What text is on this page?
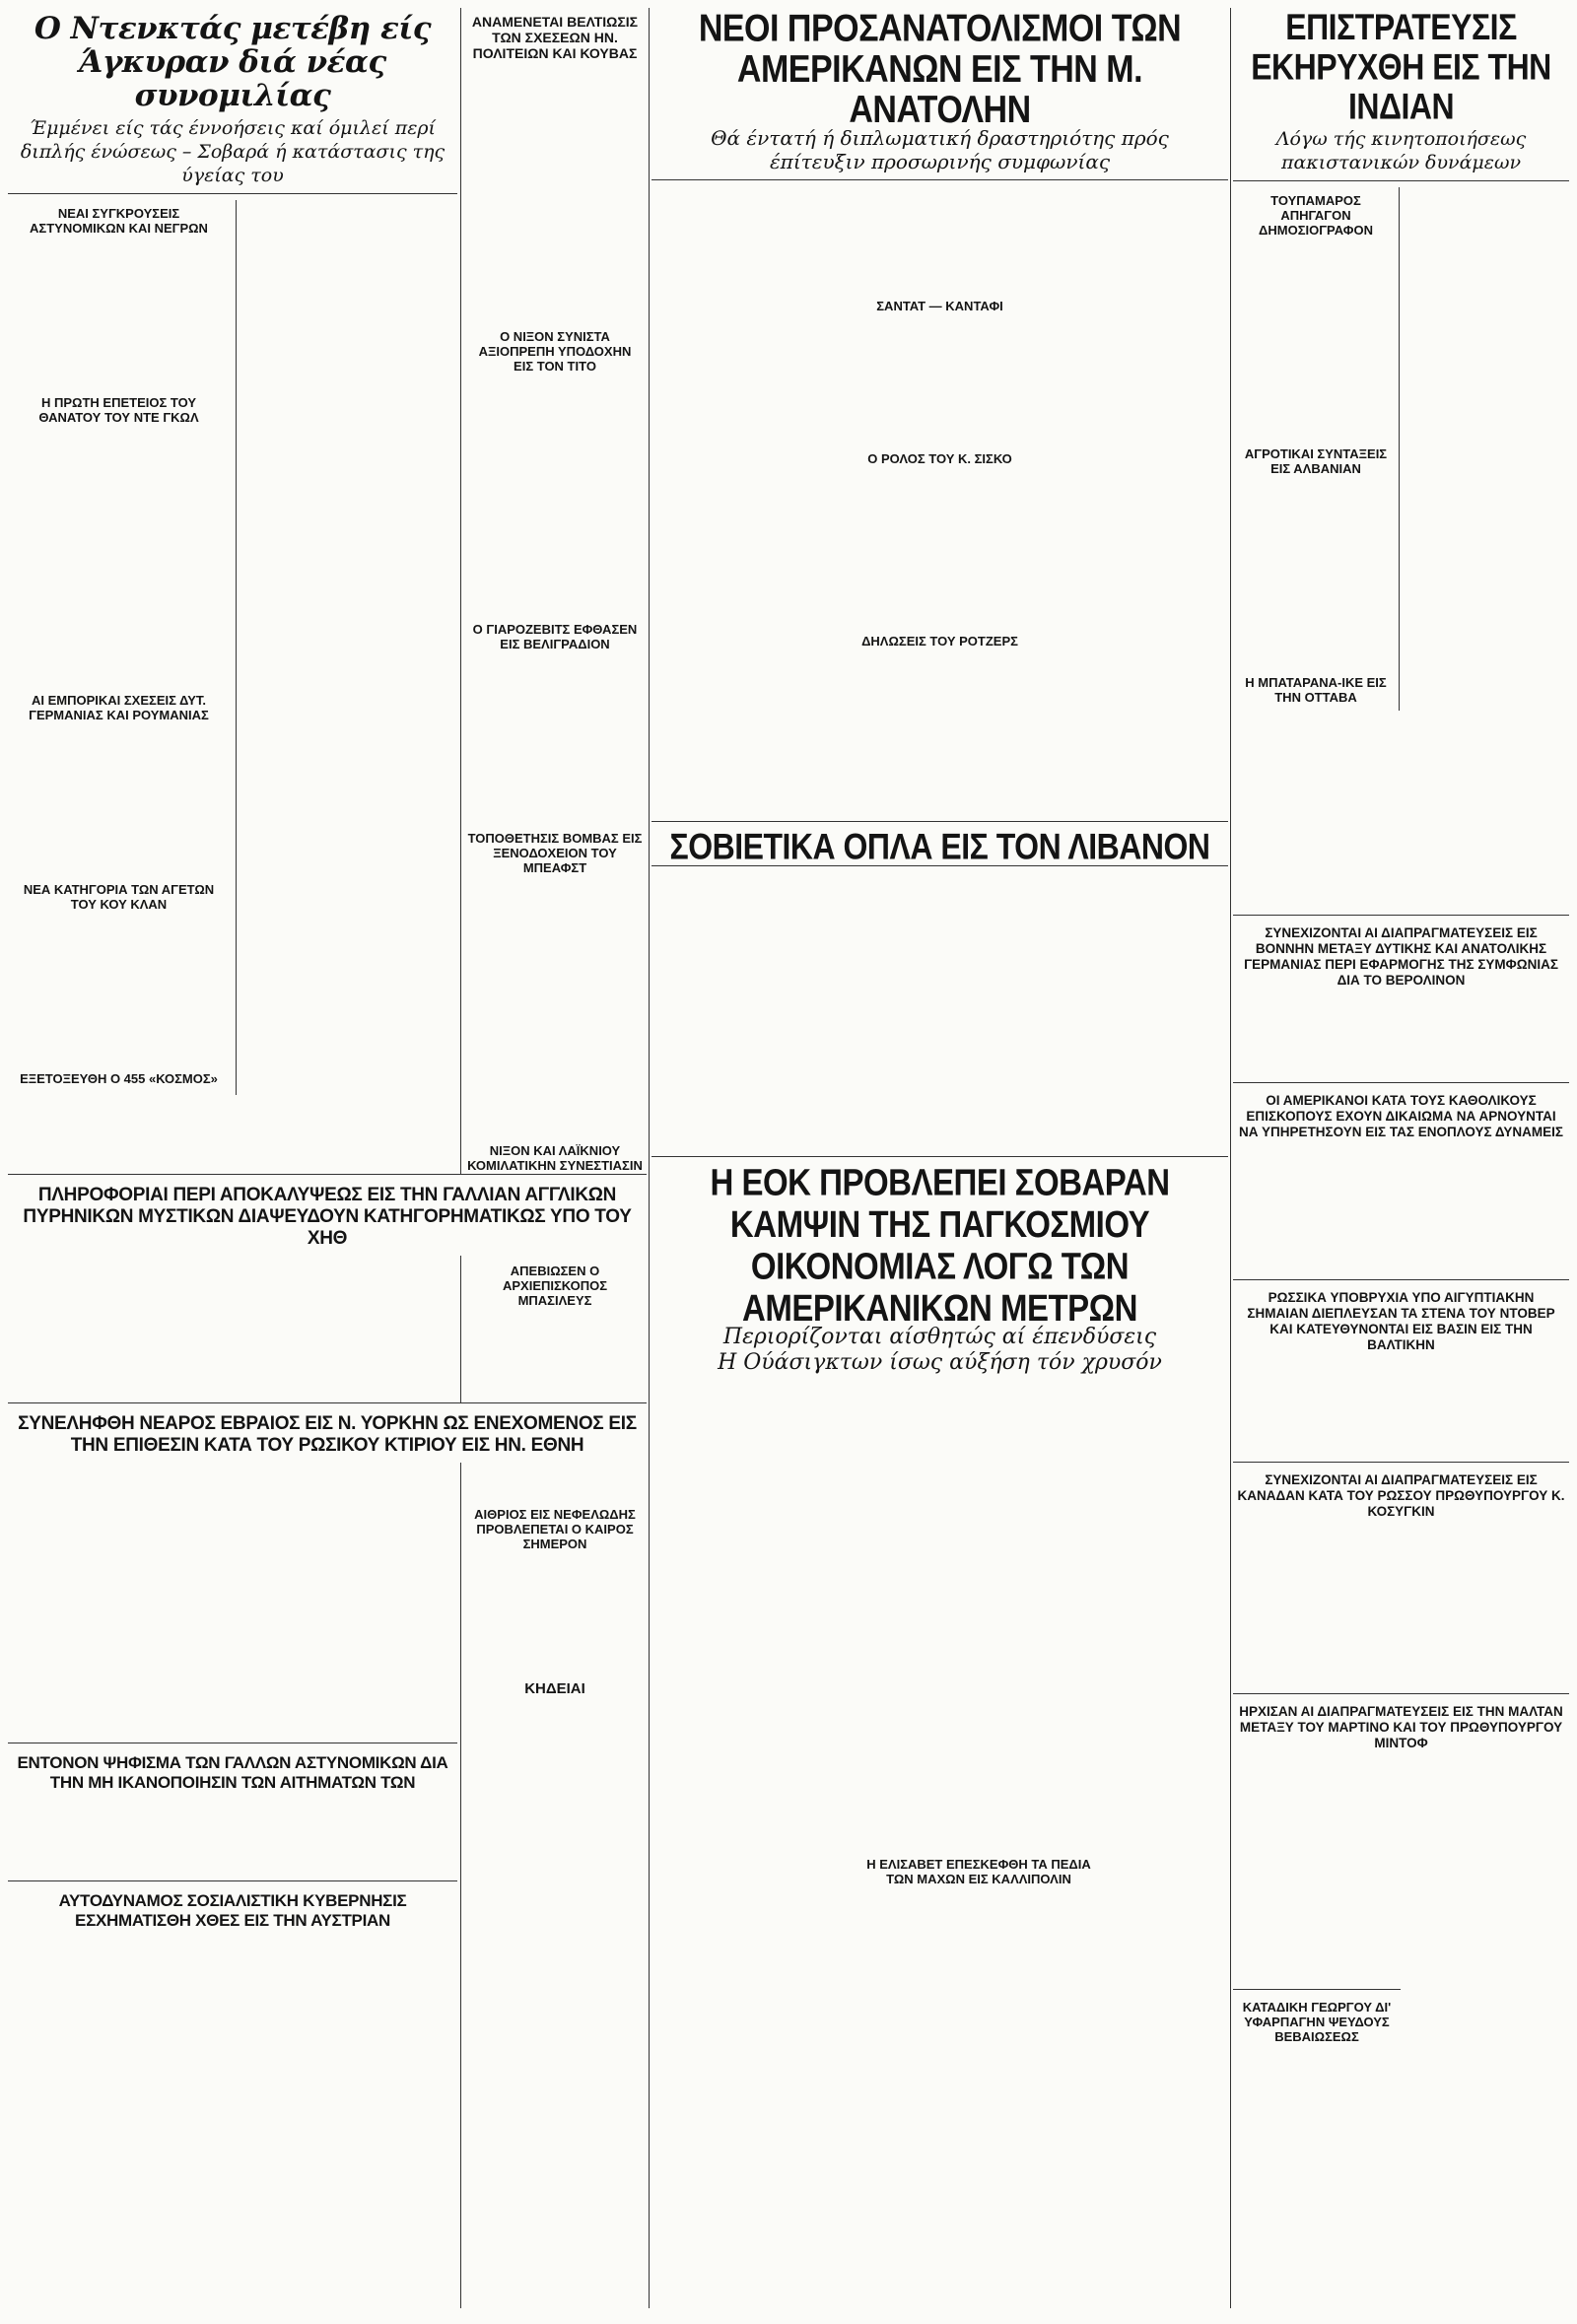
Ο Ντενκτάς μετέβη είς Άγκυραν διά νέας συνομιλίας
Έμμένει είς τάς έννοήσεις καί όμιλεί περί διπλής ένώσεως – Σοβαρά ή κατάστασις της ύγείας του
ΝΕΑΙ ΣΥΓΚΡΟΥΣΕΙΣ ΑΣΤΥΝΟΜΙΚΩΝ ΚΑΙ ΝΕΓΡΩΝ
Η ΠΡΩΤΗ ΕΠΕΤΕΙΟΣ ΤΟΥ ΘΑΝΑΤΟΥ ΤΟΥ ΝΤΕ ΓΚΩΛ
ΑΙ ΕΜΠΟΡΙΚΑΙ ΣΧΕΣΕΙΣ ΔΥΤ. ΓΕΡΜΑΝΙΑΣ ΚΑΙ ΡΟΥΜΑΝΙΑΣ
ΝΕΑ ΚΑΤΗΓΟΡΙΑ ΤΩΝ ΑΓΕΤΩΝ ΤΟΥ ΚΟΥ ΚΛΑΝ
ΕΞΕΤΟΞΕΥΘΗ Ο 455 «ΚΟΣΜΟΣ»
ΑΝΑΜΕΝΕΤΑΙ ΒΕΛΤΙΩΣΙΣ ΤΩΝ ΣΧΕΣΕΩΝ ΗΝ. ΠΟΛΙΤΕΙΩΝ ΚΑΙ ΚΟΥΒΑΣ
Ο ΝΙΞΟΝ ΣΥΝΙΣΤΑ ΑΞΙΟΠΡΕΠΗ ΥΠΟΔΟΧΗΝ ΕΙΣ ΤΟΝ ΤΙΤΟ
Ο ΓΙΑΡΟΖΕΒΙΤΣ ΕΦΘΑΣΕΝ ΕΙΣ ΒΕΛΙΓΡΑΔΙΟΝ
ΤΟΠΟΘΕΤΗΣΙΣ ΒΟΜΒΑΣ ΕΙΣ ΞΕΝΟΔΟΧΕΙΟΝ ΤΟΥ ΜΠΕΑΦΣΤ
ΝΙΞΟΝ ΚΑΙ ΛΑΪΚΝΙΟΥ ΚΟΜΙΛΑΤΙΚΗΝ ΣΥΝΕΣΤΙΑΣΙΝ
ΑΠΕΒΙΩΣΕΝ Ο ΑΡΧΙΕΠΙΣΚΟΠΟΣ ΜΠΑΣΙΛΕΥΣ
ΑΙΘΡΙΟΣ ΕΙΣ ΝΕΦΕΛΩΔΗΣ ΠΡΟΒΛΕΠΕΤΑΙ Ο ΚΑΙΡΟΣ ΣΗΜΕΡΟΝ
ΚΗΔΕΙΑΙ
ΝΕΟΙ ΠΡΟΣΑΝΑΤΟΛΙΣΜΟΙ ΤΩΝ ΑΜΕΡΙΚΑΝΩΝ ΕΙΣ ΤΗΝ Μ. ΑΝΑΤΟΛΗΝ
Θά έντατή ή διπλωματική δραστηριότης πρός έπίτευξιν προσωρινής συμφωνίας
ΣΑΝΤΑΤ — ΚΑΝΤΑΦΙ
Ο ΡΟΛΟΣ ΤΟΥ Κ. ΣΙΣΚΟ
ΔΗΛΩΣΕΙΣ ΤΟΥ ΡΟΤΖΕΡΣ
ΕΠΙΣΤΡΑΤΕΥΣΙΣ ΕΚΗΡΥΧΘΗ ΕΙΣ ΤΗΝ ΙΝΔΙΑΝ
Λόγω τής κινητοποιήσεως πακιστανικών δυνάμεων
ΤΟΥΠΑΜΑΡΟΣ ΑΠΗΓΑΓΟΝ ΔΗΜΟΣΙΟΓΡΑΦΟΝ
ΑΓΡΟΤΙΚΑΙ ΣΥΝΤΑΞΕΙΣ ΕΙΣ ΑΛΒΑΝΙΑΝ
Η ΜΠΑΤΑΡΑΝΑ-ΙΚΕ ΕΙΣ ΤΗΝ ΟΤΤΑΒΑ
ΠΛΗΡΟΦΟΡΙΑΙ ΠΕΡΙ ΑΠΟΚΑΛΥΨΕΩΣ ΕΙΣ ΤΗΝ ΓΑΛΛΙΑΝ ΑΓΓΛΙΚΩΝ ΠΥΡΗΝΙΚΩΝ ΜΥΣΤΙΚΩΝ ΔΙΑΨΕΥΔΟΥΝ ΚΑΤΗΓΟΡΗΜΑΤΙΚΩΣ ΥΠΟ ΤΟΥ ΧΗΘ
ΣΥΝΕΛΗΦΘΗ ΝΕΑΡΟΣ ΕΒΡΑΙΟΣ ΕΙΣ Ν. ΥΟΡΚΗΝ ΩΣ ΕΝΕΧΟΜΕΝΟΣ ΕΙΣ ΤΗΝ ΕΠΙΘΕΣΙΝ ΚΑΤΑ ΤΟΥ ΡΩΣΙΚΟΥ ΚΤΙΡΙΟΥ ΕΙΣ ΗΝ. ΕΘΝΗ
ΕΝΤΟΝΟΝ ΨΗΦΙΣΜΑ ΤΩΝ ΓΑΛΛΩΝ ΑΣΤΥΝΟΜΙΚΩΝ ΔΙΑ ΤΗΝ ΜΗ ΙΚΑΝΟΠΟΙΗΣΙΝ ΤΩΝ ΑΙΤΗΜΑΤΩΝ ΤΩΝ
ΑΥΤΟΔΥΝΑΜΟΣ ΣΟΣΙΑΛΙΣΤΙΚΗ ΚΥΒΕΡΝΗΣΙΣ ΕΣΧΗΜΑΤΙΣΘΗ ΧΘΕΣ ΕΙΣ ΤΗΝ ΑΥΣΤΡΙΑΝ
ΣΟΒΙΕΤΙΚΑ ΟΠΛΑ ΕΙΣ ΤΟΝ ΛΙΒΑΝΟΝ
Η ΕΟΚ ΠΡΟΒΛΕΠΕΙ ΣΟΒΑΡΑΝ ΚΑΜΨΙΝ ΤΗΣ ΠΑΓΚΟΣΜΙΟΥ ΟΙΚΟΝΟΜΙΑΣ ΛΟΓΩ ΤΩΝ ΑΜΕΡΙΚΑΝΙΚΩΝ ΜΕΤΡΩΝ
Περιορίζονται αίσθητώς αί έπενδύσεις
Η Ούάσιγκτων ίσως αύξήση τόν χρυσόν
Η ΕΛΙΣΑΒΕΤ ΕΠΕΣΚΕΦΘΗ ΤΑ ΠΕΔΙΑ ΤΩΝ ΜΑΧΩΝ ΕΙΣ ΚΑΛΛΙΠΟΛΙΝ
ΣΥΝΕΧΙΖΟΝΤΑΙ ΑΙ ΔΙΑΠΡΑΓΜΑΤΕΥΣΕΙΣ ΕΙΣ ΒΟΝΝΗΝ ΜΕΤΑΞΥ ΔΥΤΙΚΗΣ ΚΑΙ ΑΝΑΤΟΛΙΚΗΣ ΓΕΡΜΑΝΙΑΣ ΠΕΡΙ ΕΦΑΡΜΟΓΗΣ ΤΗΣ ΣΥΜΦΩΝΙΑΣ ΔΙΑ ΤΟ ΒΕΡΟΛΙΝΟΝ
ΟΙ ΑΜΕΡΙΚΑΝΟΙ ΚΑΤΑ ΤΟΥΣ ΚΑΘΟΛΙΚΟΥΣ ΕΠΙΣΚΟΠΟΥΣ ΕΧΟΥΝ ΔΙΚΑΙΩΜΑ ΝΑ ΑΡΝΟΥΝΤΑΙ ΝΑ ΥΠΗΡΕΤΗΣΟΥΝ ΕΙΣ ΤΑΣ ΕΝΟΠΛΟΥΣ ΔΥΝΑΜΕΙΣ
ΡΩΣΣΙΚΑ ΥΠΟΒΡΥΧΙΑ ΥΠΟ ΑΙΓΥΠΤΙΑΚΗΝ ΣΗΜΑΙΑΝ ΔΙΕΠΛΕΥΣΑΝ ΤΑ ΣΤΕΝΑ ΤΟΥ ΝΤΟΒΕΡ ΚΑΙ ΚΑΤΕΥΘΥΝΟΝΤΑΙ ΕΙΣ ΒΑΣΙΝ ΕΙΣ ΤΗΝ ΒΑΛΤΙΚΗΝ
ΣΥΝΕΧΙΖΟΝΤΑΙ ΑΙ ΔΙΑΠΡΑΓΜΑΤΕΥΣΕΙΣ ΕΙΣ ΚΑΝΑΔΑΝ ΚΑΤΑ ΤΟΥ ΡΩΣΣΟΥ ΠΡΩΘΥΠΟΥΡΓΟΥ Κ. ΚΟΣΥΓΚΙΝ
ΗΡΧΙΣΑΝ ΑΙ ΔΙΑΠΡΑΓΜΑΤΕΥΣΕΙΣ ΕΙΣ ΤΗΝ ΜΑΛΤΑΝ ΜΕΤΑΞΥ ΤΟΥ ΜΑΡΤΙΝΟ ΚΑΙ ΤΟΥ ΠΡΩΘΥΠΟΥΡΓΟΥ ΜΙΝΤΟΦ
ΚΑΤΑΔΙΚΗ ΓΕΩΡΓΟΥ ΔΙ' ΥΦΑΡΠΑΓΗΝ ΨΕΥΔΟΥΣ ΒΕΒΑΙΩΣΕΩΣ
